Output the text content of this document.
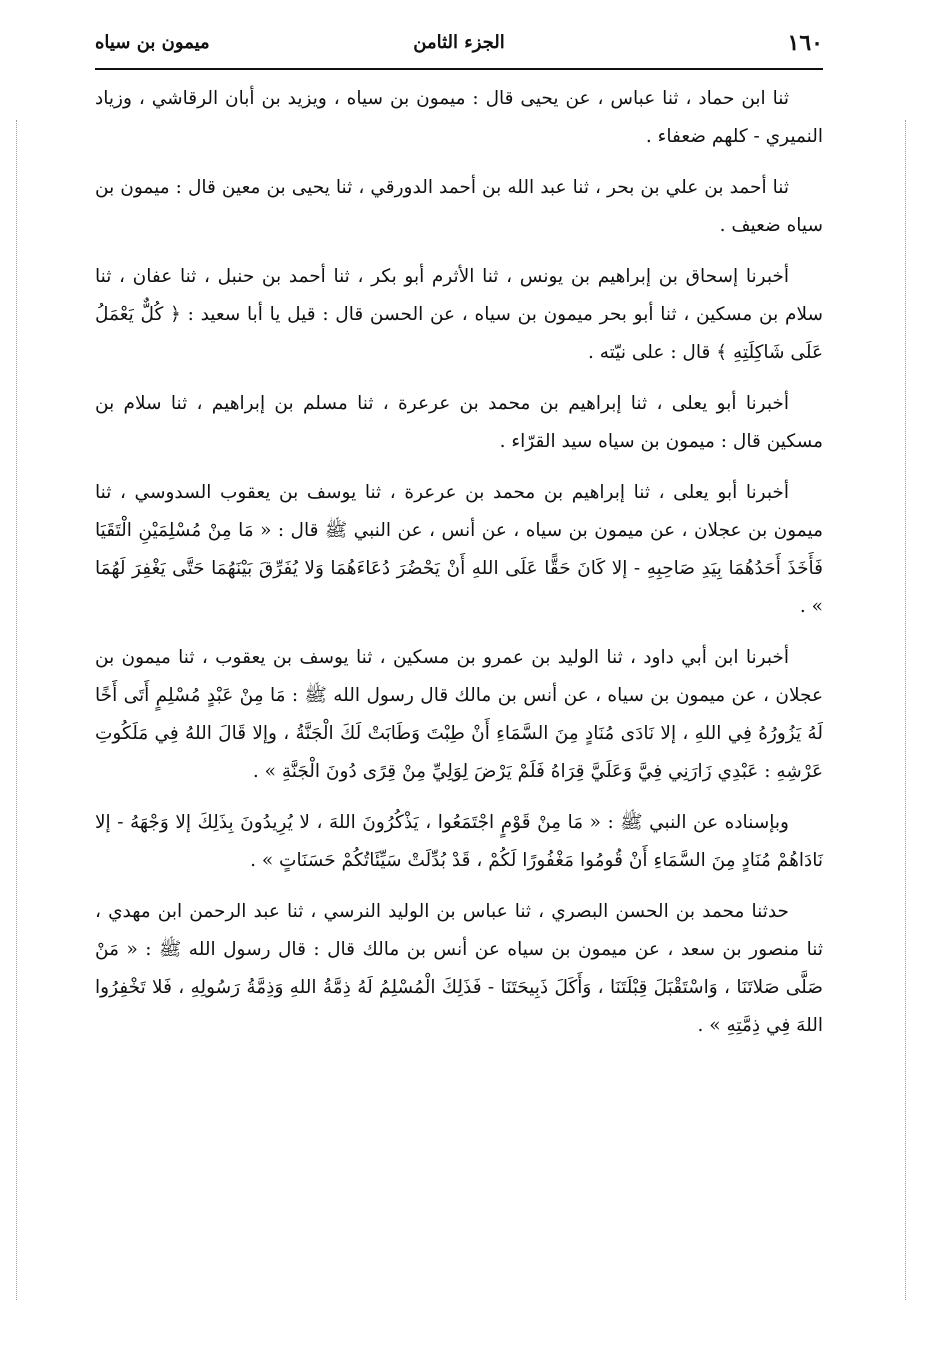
١٦٠
الجزء الثامن
ميمون بن سياه

ثنا ابن حماد ، ثنا عباس ، عن يحيى قال : ميمون بن سياه ، ويزيد بن أبان الرقاشي ، وزياد النميري - كلهم ضعفاء .

ثنا أحمد بن علي بن بحر ، ثنا عبد الله بن أحمد الدورقي ، ثنا يحيى بن معين قال : ميمون بن سياه ضعيف .

أخبرنا إسحاق بن إبراهيم بن يونس ، ثنا الأثرم أبو بكر ، ثنا أحمد بن حنبل ، ثنا عفان ، ثنا سلام بن مسكين ، ثنا أبو بحر ميمون بن سياه ، عن الحسن قال : قيل يا أبا سعيد : ﴿ كُلٌّ يَعْمَلُ عَلَى شَاكِلَتِهِ ﴾ قال : على نيّته .

أخبرنا أبو يعلى ، ثنا إبراهيم بن محمد بن عرعرة ، ثنا مسلم بن إبراهيم ، ثنا سلام بن مسكين قال : ميمون بن سياه سيد القرّاء .

أخبرنا أبو يعلى ، ثنا إبراهيم بن محمد بن عرعرة ، ثنا يوسف بن يعقوب السدوسي ، ثنا ميمون بن عجلان ، عن ميمون بن سياه ، عن أنس ، عن النبي ﷺ قال : « مَا مِنْ مُسْلِمَيْنِ الْتَقَيَا فَأَخَذَ أَحَدُهُمَا بِيَدِ صَاحِبِهِ - إلا كَانَ حَقًّا عَلَى اللهِ أَنْ يَحْضُرَ دُعَاءَهُمَا وَلا يُفَرِّقَ بَيْنَهُمَا حَتَّى يَغْفِرَ لَهُمَا » .

أخبرنا ابن أبي داود ، ثنا الوليد بن عمرو بن مسكين ، ثنا يوسف بن يعقوب ، ثنا ميمون بن عجلان ، عن ميمون بن سياه ، عن أنس بن مالك قال رسول الله ﷺ : مَا مِنْ عَبْدٍ مُسْلِمٍ أَتَى أَخًا لَهُ يَزُورُهُ فِي اللهِ ، إلا نَادَى مُنَادٍ مِنَ السَّمَاءِ أَنْ طِبْتَ وَطَابَتْ لَكَ الْجَنَّةُ ، وإلا قَالَ اللهُ فِي مَلَكُوتِ عَرْشِهِ : عَبْدِي زَارَنِي فِيَّ وَعَلَيَّ قِرَاهُ فَلَمْ يَرْضَ لِوَلِيِّ مِنْ قِرًى دُونَ الْجَنَّةِ » .

وبإسناده عن النبي ﷺ : « مَا مِنْ قَوْمٍ اجْتَمَعُوا ، يَذْكُرُونَ اللهَ ، لا يُرِيدُونَ بِذَلِكَ إلا وَجْهَهُ - إلا نَادَاهُمْ مُنَادٍ مِنَ السَّمَاءِ أَنْ قُومُوا مَغْفُورًا لَكُمْ ، قَدْ بُدِّلَتْ سَيِّئَاتُكُمْ حَسَنَاتٍ » .

حدثنا محمد بن الحسن البصري ، ثنا عباس بن الوليد النرسي ، ثنا عبد الرحمن ابن مهدي ، ثنا منصور بن سعد ، عن ميمون بن سياه عن أنس بن مالك قال : قال رسول الله ﷺ : « مَنْ صَلَّى صَلاتَنَا ، وَاسْتَقْبَلَ قِبْلَتَنَا ، وَأَكَلَ ذَبِيحَتَنَا - فَذَلِكَ الْمُسْلِمُ لَهُ ذِمَّةُ اللهِ وَذِمَّةُ رَسُولِهِ ، فَلا تَخْفِرُوا اللهَ فِي ذِمَّتِهِ » .
